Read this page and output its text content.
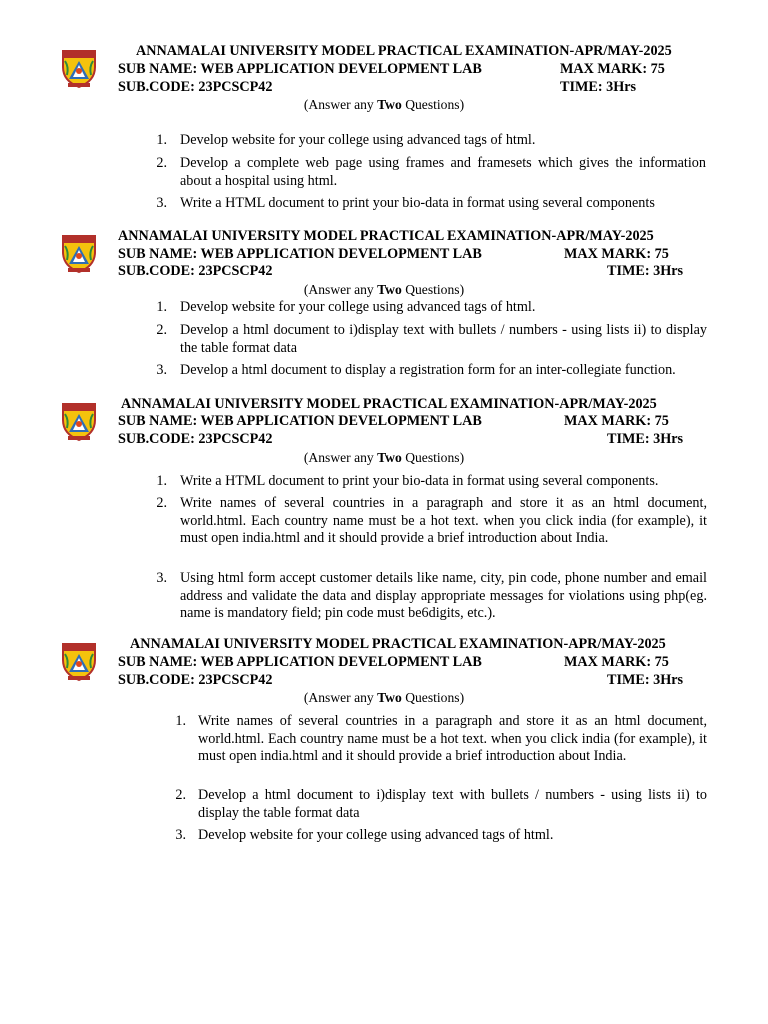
ANNAMALAI UNIVERSITY MODEL PRACTICAL EXAMINATION-APR/MAY-2025
SUB NAME: WEB APPLICATION DEVELOPMENT LAB	MAX MARK: 75
SUB.CODE: 23PCSCP42	TIME: 3Hrs
(Answer any Two Questions)
1. Develop website for your college using advanced tags of html.
2. Develop a complete web page using frames and framesets which gives the information about a hospital using html.
3. Write a HTML document to print your bio-data in format using several components
ANNAMALAI UNIVERSITY MODEL PRACTICAL EXAMINATION-APR/MAY-2025
SUB NAME: WEB APPLICATION DEVELOPMENT LAB	MAX MARK: 75
SUB.CODE: 23PCSCP42	TIME: 3Hrs
(Answer any Two Questions)
1. Develop website for your college using advanced tags of html.
2. Develop a html document to i)display text with bullets / numbers - using lists ii) to display the table format data
3. Develop a html document to display a registration form for an inter-collegiate function.
ANNAMALAI UNIVERSITY MODEL PRACTICAL EXAMINATION-APR/MAY-2025
SUB NAME: WEB APPLICATION DEVELOPMENT LAB	MAX MARK: 75
SUB.CODE: 23PCSCP42	TIME: 3Hrs
(Answer any Two Questions)
1. Write a HTML document to print your bio-data in format using several components.
2. Write names of several countries in a paragraph and store it as an html document, world.html. Each country name must be a hot text. when you click india (for example), it must open india.html and it should provide a brief introduction about India.
3. Using html form accept customer details like name, city, pin code, phone number and email address and validate the data and display appropriate messages for violations using php(eg. name is mandatory field; pin code must be6digits, etc.).
ANNAMALAI UNIVERSITY MODEL PRACTICAL EXAMINATION-APR/MAY-2025
SUB NAME: WEB APPLICATION DEVELOPMENT LAB	MAX MARK: 75
SUB.CODE: 23PCSCP42	TIME: 3Hrs
(Answer any Two Questions)
1. Write names of several countries in a paragraph and store it as an html document, world.html. Each country name must be a hot text. when you click india (for example), it must open india.html and it should provide a brief introduction about India.
2. Develop a html document to i)display text with bullets / numbers - using lists ii) to display the table format data
3. Develop website for your college using advanced tags of html.
